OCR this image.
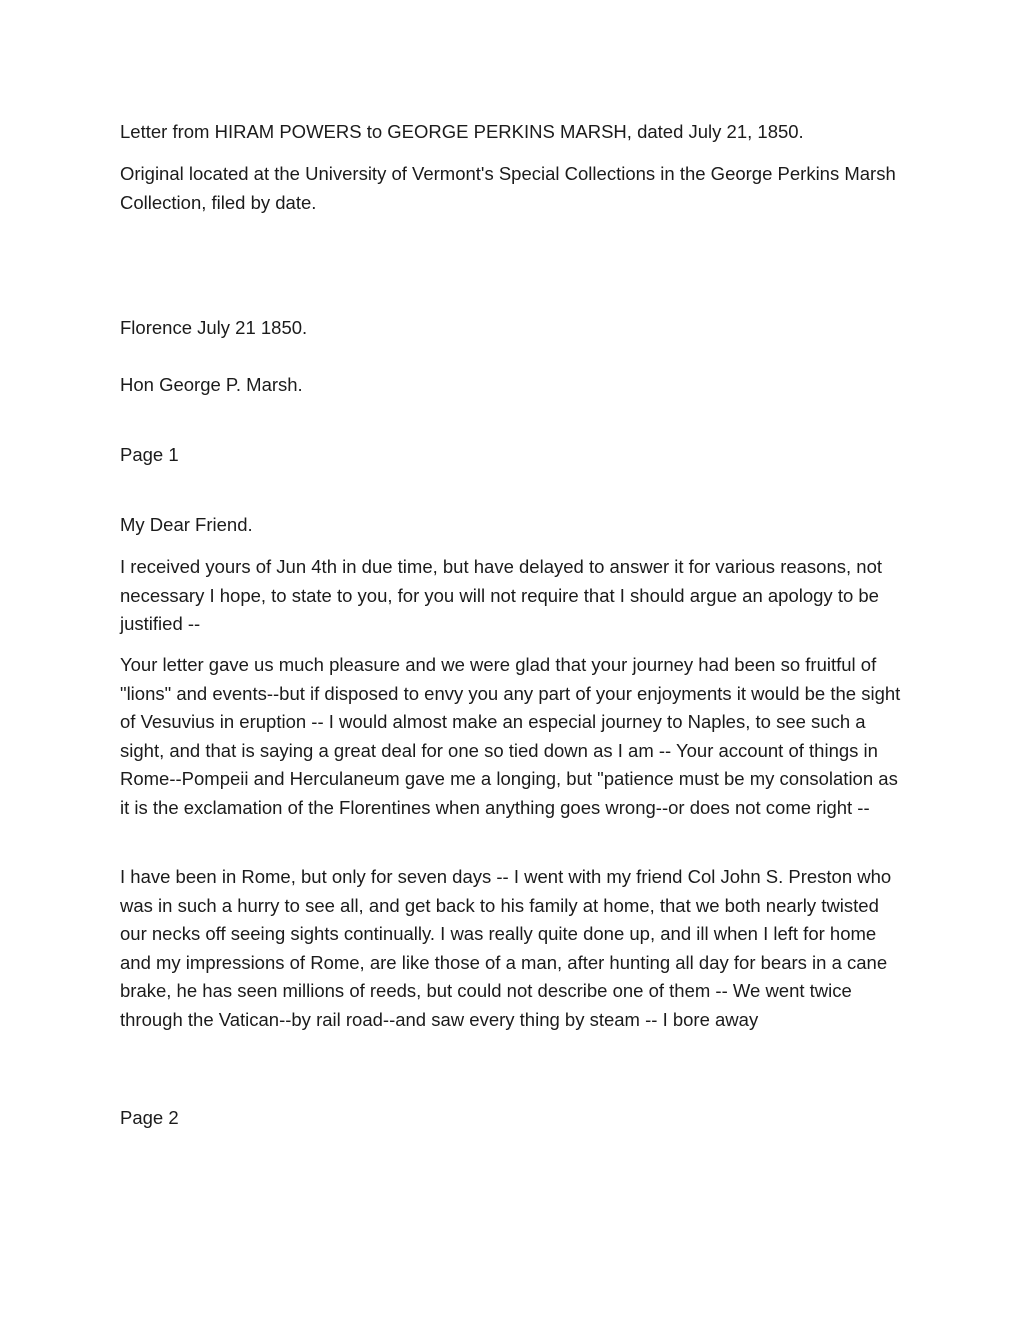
Letter from HIRAM POWERS to GEORGE PERKINS MARSH, dated July 21, 1850.

Original located at the University of Vermont's Special Collections in the George Perkins Marsh Collection, filed by date.

Florence July 21 1850.

Hon George P. Marsh.

Page 1

My Dear Friend.

I received yours of Jun 4th in due time, but have delayed to answer it for various reasons, not necessary I hope, to state to you, for you will not require that I should argue an apology to be justified --

Your letter gave us much pleasure and we were glad that your journey had been so fruitful of "lions" and events--but if disposed to envy you any part of your enjoyments it would be the sight of Vesuvius in eruption -- I would almost make an especial journey to Naples, to see such a sight, and that is saying a great deal for one so tied down as I am -- Your account of things in Rome--Pompeii and Herculaneum gave me a longing, but "patience must be my consolation as it is the exclamation of the Florentines when anything goes wrong--or does not come right --

I have been in Rome, but only for seven days -- I went with my friend Col John S. Preston who was in such a hurry to see all, and get back to his family at home, that we both nearly twisted our necks off seeing sights continually. I was really quite done up, and ill when I left for home and my impressions of Rome, are like those of a man, after hunting all day for bears in a cane brake, he has seen millions of reeds, but could not describe one of them -- We went twice through the Vatican--by rail road--and saw every thing by steam -- I bore away

Page 2
